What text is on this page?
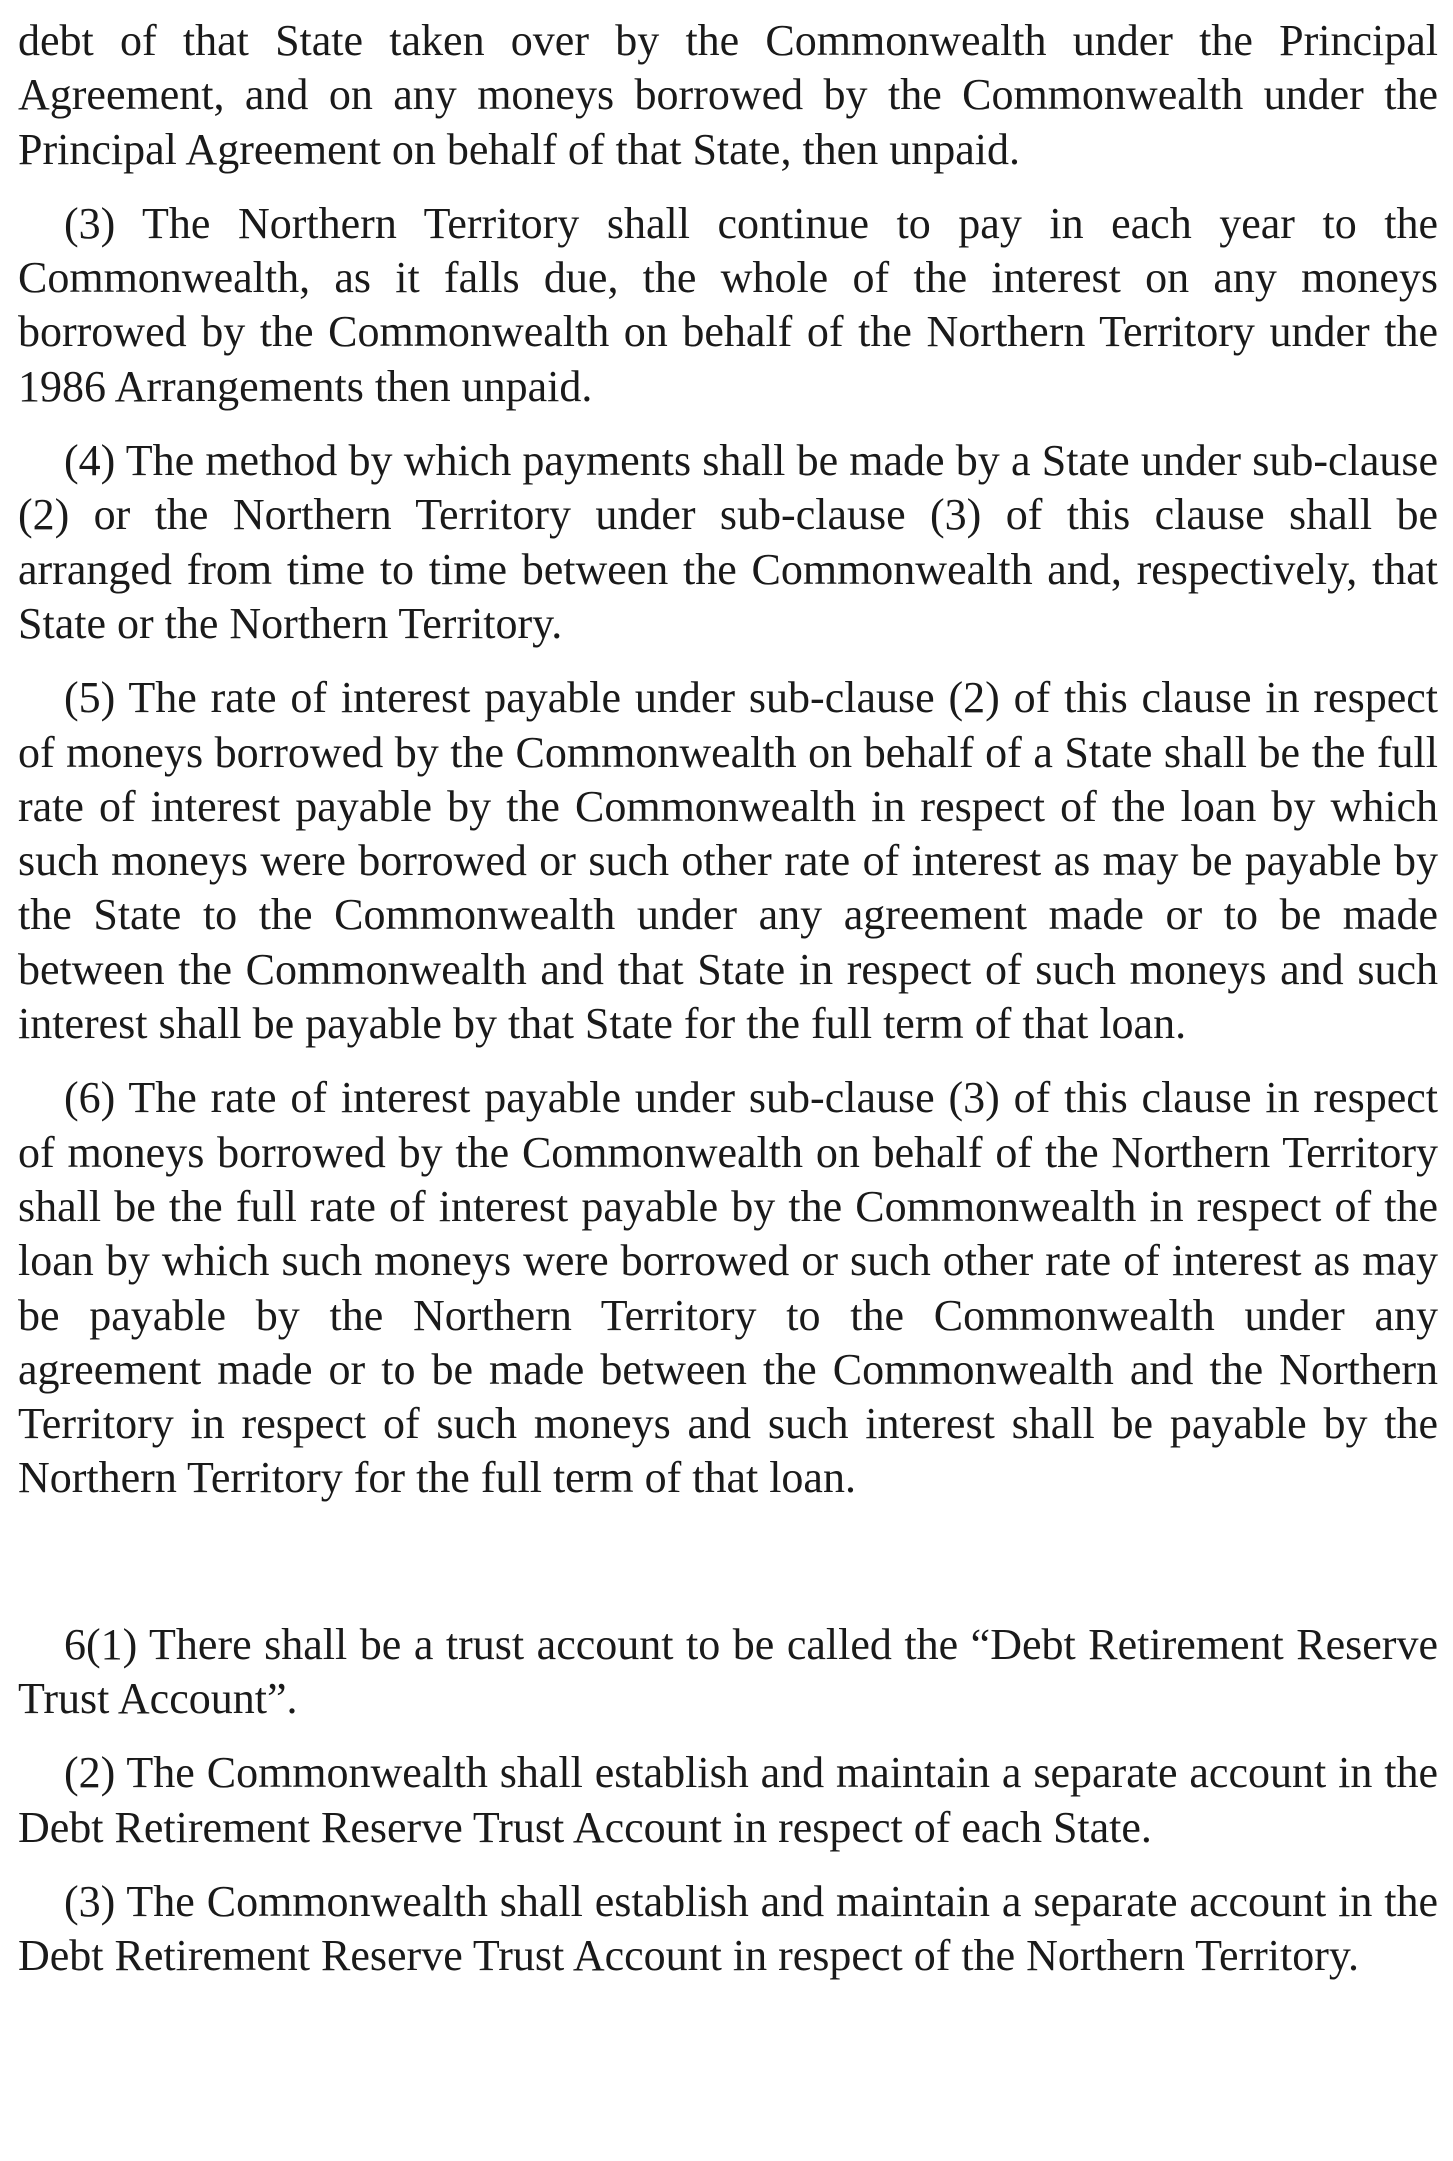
debt of that State taken over by the Commonwealth under the Principal Agreement, and on any moneys borrowed by the Commonwealth under the Principal Agreement on behalf of that State, then unpaid.

(3) The Northern Territory shall continue to pay in each year to the Commonwealth, as it falls due, the whole of the interest on any moneys borrowed by the Commonwealth on behalf of the Northern Territory under the 1986 Arrangements then unpaid.

(4) The method by which payments shall be made by a State under sub-clause (2) or the Northern Territory under sub-clause (3) of this clause shall be arranged from time to time between the Commonwealth and, respectively, that State or the Northern Territory.

(5) The rate of interest payable under sub-clause (2) of this clause in respect of moneys borrowed by the Commonwealth on behalf of a State shall be the full rate of interest payable by the Commonwealth in respect of the loan by which such moneys were borrowed or such other rate of interest as may be payable by the State to the Commonwealth under any agreement made or to be made between the Commonwealth and that State in respect of such moneys and such interest shall be payable by that State for the full term of that loan.

(6) The rate of interest payable under sub-clause (3) of this clause in respect of moneys borrowed by the Commonwealth on behalf of the Northern Territory shall be the full rate of interest payable by the Commonwealth in respect of the loan by which such moneys were borrowed or such other rate of interest as may be payable by the Northern Territory to the Commonwealth under any agreement made or to be made between the Commonwealth and the Northern Territory in respect of such moneys and such interest shall be payable by the Northern Territory for the full term of that loan.

6(1) There shall be a trust account to be called the “Debt Retirement Reserve Trust Account”.

(2) The Commonwealth shall establish and maintain a separate account in the Debt Retirement Reserve Trust Account in respect of each State.

(3) The Commonwealth shall establish and maintain a separate account in the Debt Retirement Reserve Trust Account in respect of the Northern Territory.
